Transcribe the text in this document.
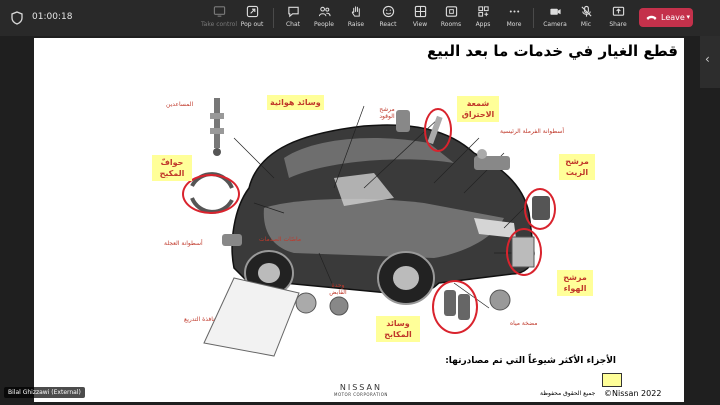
01:00:18
Take control Pop out	Chat	People	Raise	React	View	Rooms	Apps	More	Camera	Mic	Share
Leave ▾
‹
قطع الغيار في خدمات ما بعد البيع
وسائد هوائية	شمعة الاحتراق
حوافّ المكبح
مرشح الزيت
مرشح الهواء
وسائد المكابح
المساعدين
مرشح الوقود
أسطوانة الفرملة الرئيسية
أسطوانة العجلة
ماصّات الصدمات
وحدة القابض
مضخة مياه
نافذة التدريع
الأجزاء الأكثر شيوعاً التي تم مصادرتها:
NISSAN
MOTOR CORPORATION	جميع الحقوق محفوظة ©Nissan 2022
Bilal Ghizzawi (External)
